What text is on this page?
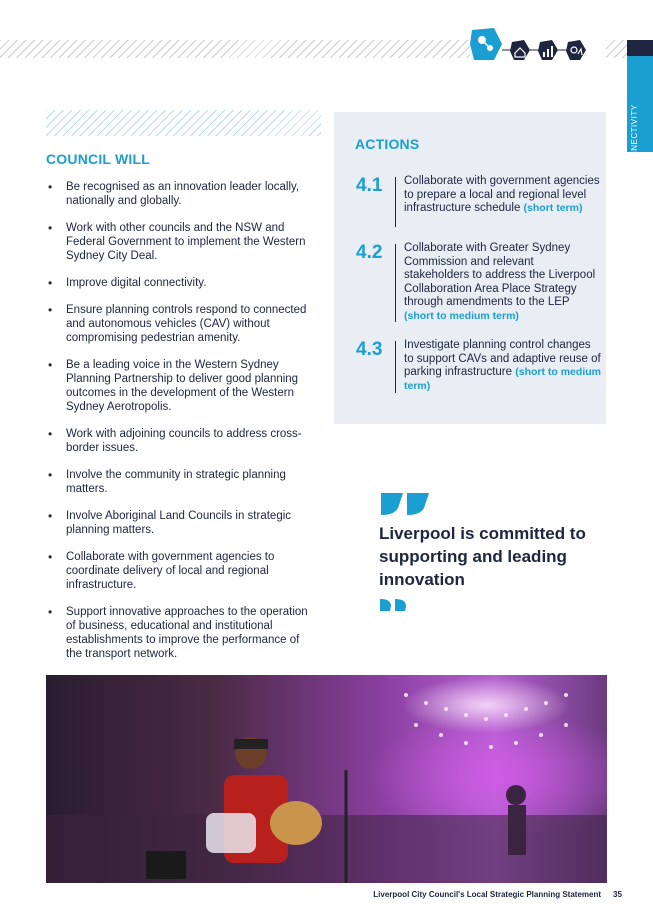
CONNECTIVITY
COUNCIL WILL
• Be recognised as an innovation leader locally, nationally and globally.
• Work with other councils and the NSW and Federal Government to implement the Western Sydney City Deal.
• Improve digital connectivity.
• Ensure planning controls respond to connected and autonomous vehicles (CAV) without compromising pedestrian amenity.
• Be a leading voice in the Western Sydney Planning Partnership to deliver good planning outcomes in the development of the Western Sydney Aerotropolis.
• Work with adjoining councils to address cross-border issues.
• Involve the community in strategic planning matters.
• Involve Aboriginal Land Councils in strategic planning matters.
• Collaborate with government agencies to coordinate delivery of local and regional infrastructure.
• Support innovative approaches to the operation of business, educational and institutional establishments to improve the performance of the transport network.
ACTIONS
4.1	Collaborate with government agencies to prepare a local and regional level infrastructure schedule (short term)
4.2	Collaborate with Greater Sydney Commission and relevant stakeholders to address the Liverpool Collaboration Area Place Strategy through amendments to the LEP (short to medium term)
4.3	Investigate planning control changes to support CAVs and adaptive reuse of parking infrastructure (short to medium term)

Liverpool is committed to supporting and leading innovation

Liverpool City Council's Local Strategic Planning Statement 35
